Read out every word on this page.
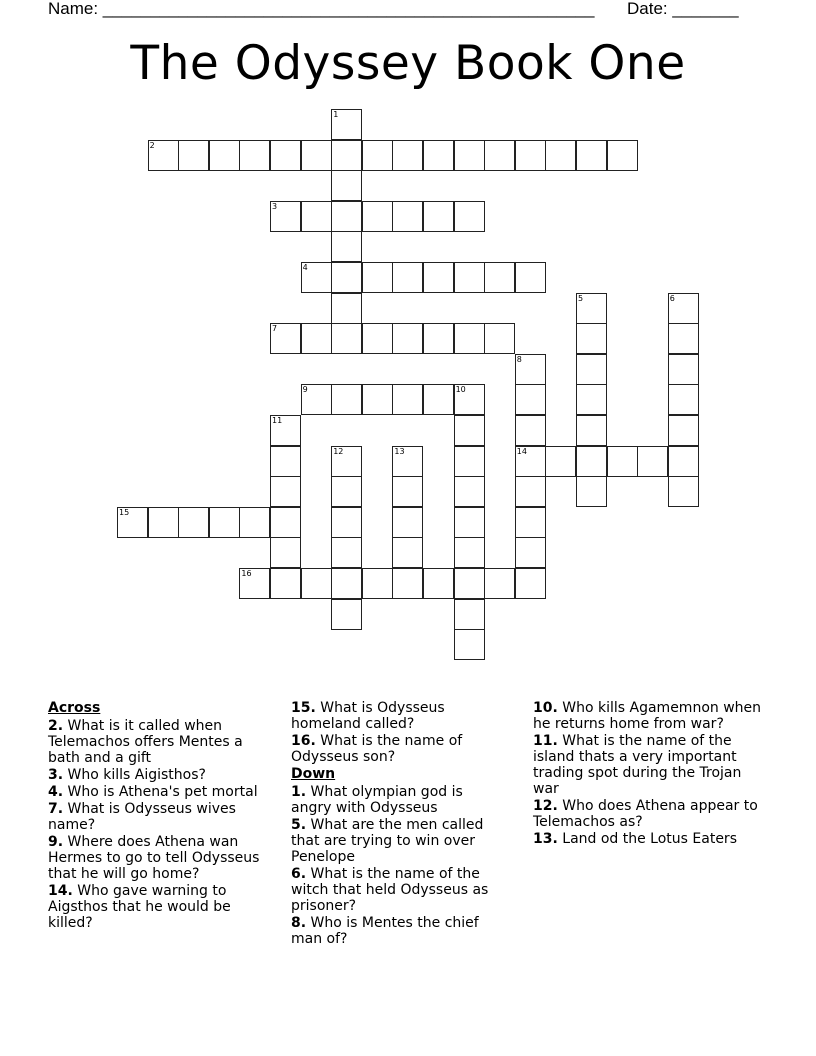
Name: ____________________________________________________ Date: _______
The Odyssey Book One
1
2
3
4
5	6
7
8
14
9	10
11
12	13
15
16
Across
2. What is it called when Telemachos offers Mentes a bath and a gift
3. Who kills Aigisthos?
4. Who is Athena's pet mortal
7. What is Odysseus wives name?
9. Where does Athena wan Hermes to go to tell Odysseus that he will go home?
14. Who gave warning to Aigsthos that he would be killed?
15. What is Odysseus homeland called?
16. What is the name of Odysseus son?
Down
1. What olympian god is angry with Odysseus
5. What are the men called that are trying to win over Penelope
6. What is the name of the witch that held Odysseus as prisoner?
8. Who is Mentes the chief man of?
10. Who kills Agamemnon when he returns home from war?
11. What is the name of the island thats a very important trading spot during the Trojan war
12. Who does Athena appear to Telemachos as?
13. Land od the Lotus Eaters
